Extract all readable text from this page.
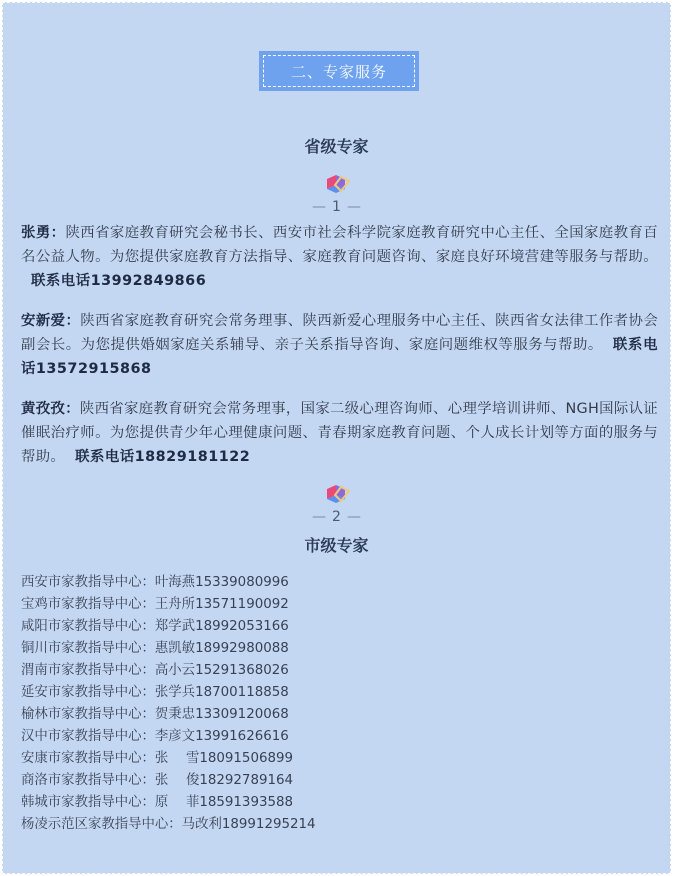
二、专家服务
省级专家
— 1 —
张勇：陕西省家庭教育研究会秘书长、西安市社会科学院家庭教育研究中心主任、全国家庭教育百名公益人物。为您提供家庭教育方法指导、家庭教育问题咨询、家庭良好环境营建等服务与帮助。联系电话13992849866
安新爱：陕西省家庭教育研究会常务理事、陕西新爱心理服务中心主任、陕西省女法律工作者协会副会长。为您提供婚姻家庭关系辅导、亲子关系指导咨询、家庭问题维权等服务与帮助。 联系电话13572915868
黄孜孜：陕西省家庭教育研究会常务理事，国家二级心理咨询师、心理学培训讲师、NGH国际认证催眠治疗师。为您提供青少年心理健康问题、青春期家庭教育问题、个人成长计划等方面的服务与帮助。 联系电话18829181122
— 2 —
市级专家
西安市家教指导中心：叶海燕15339080996
宝鸡市家教指导中心：王舟所13571190092
咸阳市家教指导中心：郑学武18992053166
铜川市家教指导中心：惠凯敏18992980088
渭南市家教指导中心：高小云15291368026
延安市家教指导中心：张学兵18700118858
榆林市家教指导中心：贺秉忠13309120068
汉中市家教指导中心：李彦文13991626616
安康市家教指导中心：张　 雪18091506899
商洛市家教指导中心：张　 俊18292789164
韩城市家教指导中心：原　 菲18591393588
杨凌示范区家教指导中心：马改利18991295214
